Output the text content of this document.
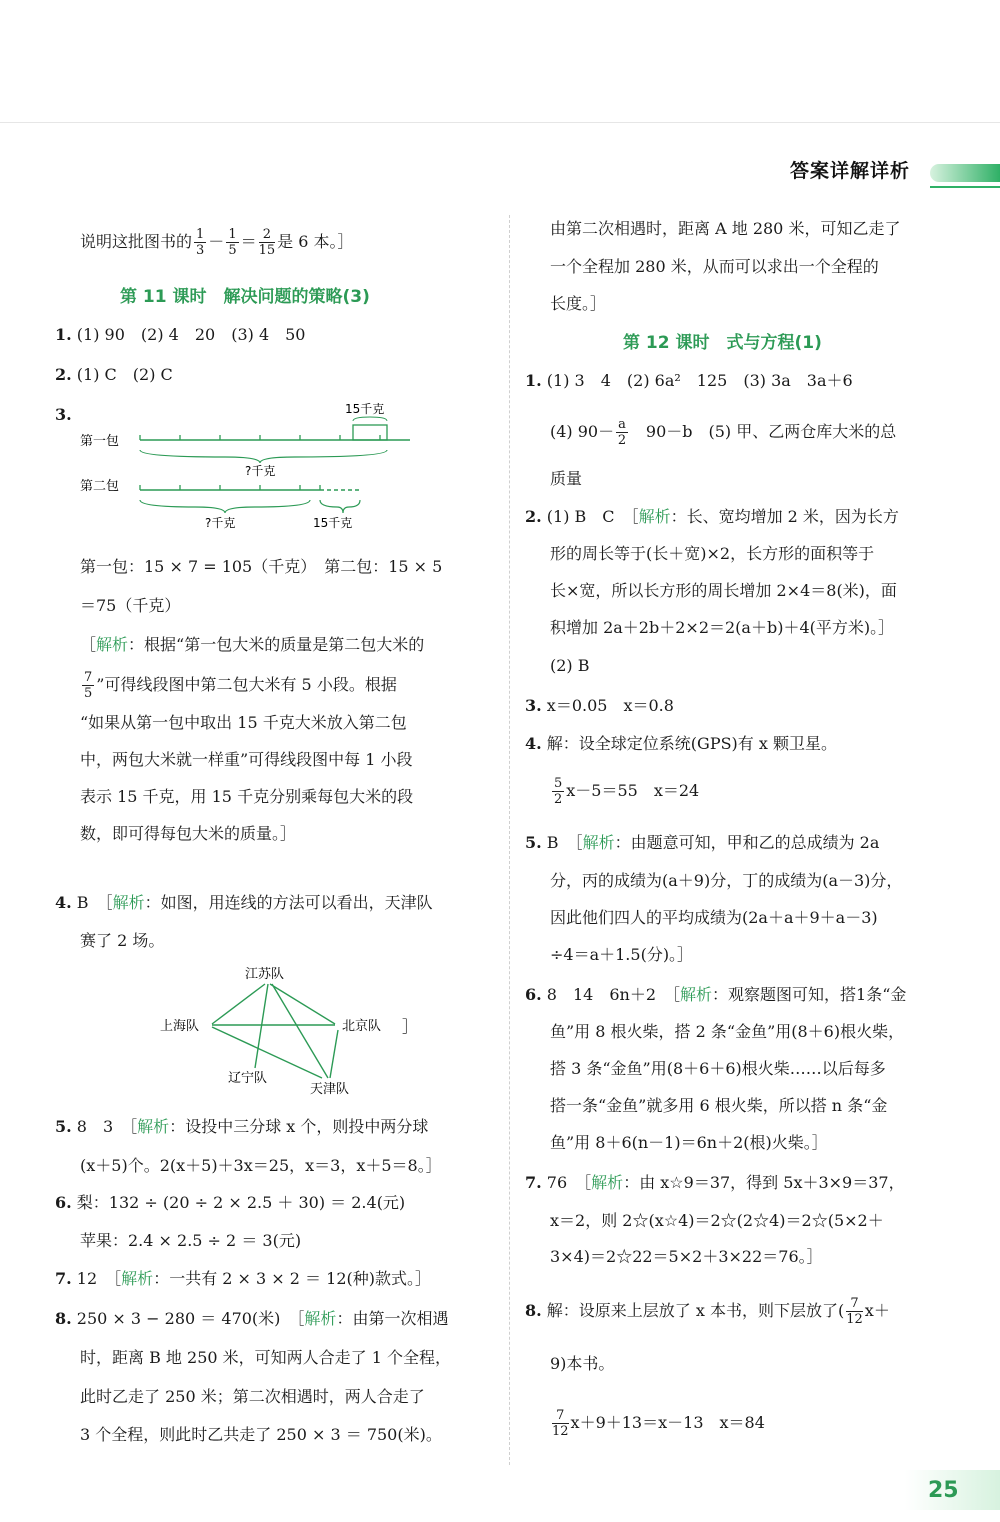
答案详解详析
说明这批图书的 $\frac{1}{3} - \frac{1}{5} = \frac{2}{15}$ 是 6 本。］
第 11 课时　解决问题的策略(3)
1. (1) 90　(2) 4　20　(3) 4　50
2. (1) C　(2) C
3.
第一包
第二包
15千克
?千克
?千克	15千克
第一包：15 × 7 = 105（千克）　第二包：15 × 5
＝75（千克）
［解析：根据“第一包大米的质量是第二包大米的
$\frac{7}{5}$ ”可得线段图中第二包大米有 5 小段。根据
“如果从第一包中取出 15 千克大米放入第二包
中，两包大米就一样重”可得线段图中每 1 小段
表示 15 千克，用 15 千克分别乘每包大米的段
数，即可得每包大米的质量。］
4. B　［解析：如图，用连线的方法可以看出，天津队
赛了 2 场。
江苏队
上海队	北京队
辽宁队
天津队
］
5. 8　3　［解析：设投中三分球 x 个，则投中两分球
(x＋5)个。2(x＋5)＋3x＝25，x＝3，x＋5＝8。］
6. 梨：132 ÷ (20 ÷ 2 × 2.5 ＋ 30) ＝ 2.4(元)
苹果：2.4 × 2.5 ÷ 2 ＝ 3(元)
7. 12　［解析：一共有 2 × 3 × 2 ＝ 12(种)款式。］
8. 250 × 3 − 280 ＝ 470(米)　［解析：由第一次相遇
时，距离 B 地 250 米，可知两人合走了 1 个全程，
此时乙走了 250 米；第二次相遇时，两人合走了
3 个全程，则此时乙共走了 250 × 3 ＝ 750(米)。
由第二次相遇时，距离 A 地 280 米，可知乙走了
一个全程加 280 米，从而可以求出一个全程的
长度。］
第 12 课时　式与方程(1)
1. (1) 3　4　(2) 6a²　125　(3) 3a　3a＋6
(4) $90- \frac{a}{2}$ 　90－b　(5) 甲、乙两仓库大米的总
质量
2. (1) B　C　［解析：长、宽均增加 2 米，因为长方
形的周长等于(长＋宽)×2，长方形的面积等于
长×宽，所以长方形的周长增加 2×4＝8(米)，面
积增加 2a＋2b＋2×2＝2(a＋b)＋4(平方米)。］
(2) B
3. x＝0.05　x＝0.8
4. 解：设全球定位系统(GPS)有 x 颗卫星。
$\frac{5}{2} x-5=55$　x＝24
5. B　［解析：由题意可知，甲和乙的总成绩为 2a
分，丙的成绩为(a＋9)分，丁的成绩为(a－3)分，
因此他们四人的平均成绩为(2a＋a＋9＋a－3)
÷4＝a＋1.5(分)。］
6. 8　14　6n＋2　［解析：观察题图可知，搭1条“金
鱼”用 8 根火柴，搭 2 条“金鱼”用(8＋6)根火柴，
搭 3 条“金鱼”用(8＋6＋6)根火柴……以后每多
搭一条“金鱼”就多用 6 根火柴，所以搭 n 条“金
鱼”用 8＋6(n－1)＝6n＋2(根)火柴。］
7. 76　［解析：由 x☆9＝37，得到 5x＋3×9＝37，
x＝2，则 2☆(x☆4)＝2☆(2☆4)＝2☆(5×2＋
3×4)＝2☆22＝5×2＋3×22＝76。］
8. 解：设原来上层放了 x 本书，则下层放了( $\frac{7}{12} x+$
9)本书。
$\frac{7}{12} x+9+13=x-13$　x＝84
25
